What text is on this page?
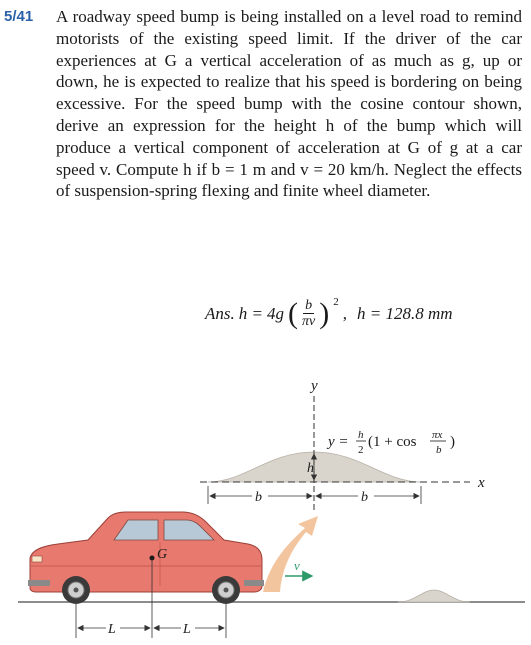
5/41 A roadway speed bump is being installed on a level road to remind motorists of the existing speed limit. If the driver of the car experiences at G a vertical acceleration of as much as g, up or down, he is expected to realize that his speed is bordering on being excessive. For the speed bump with the cosine contour shown, derive an expression for the height h of the bump which will produce a vertical component of acceleration at G of g at a car speed v. Compute h if b = 1 m and v = 20 km/h. Neglect the effects of suspension-spring flexing and finite wheel diameter.

Ans. h = 4g ( $\frac{b}{\pi v}$ ) 2
, h = 128.8 mm
y
x
h
b	b
y = h
2 (1 + cos πx
b )
v
G
L	L
